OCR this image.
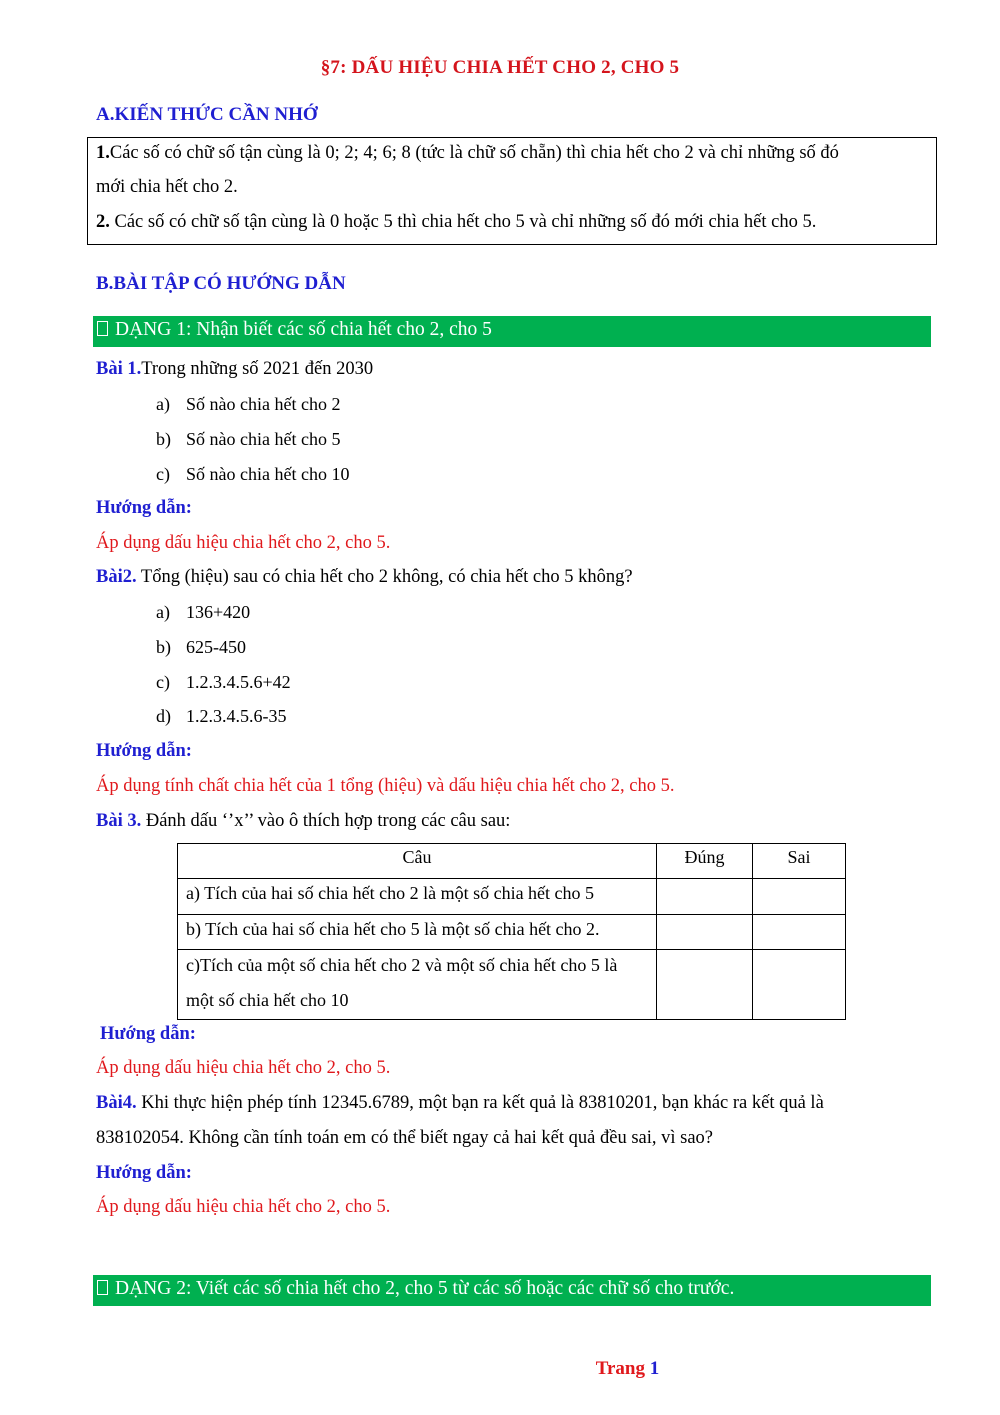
§7: DẤU HIỆU CHIA HẾT CHO 2, CHO 5
A.KIẾN THỨC CẦN NHỚ
1.Các số có chữ số tận cùng là 0; 2; 4; 6; 8 (tức là chữ số chẵn) thì chia hết cho 2 và chỉ những số đó
mới chia hết cho 2.
2. Các số có chữ số tận cùng là 0 hoặc 5 thì chia hết cho 5 và chỉ những số đó mới chia hết cho 5.
B.BÀI TẬP CÓ HƯỚNG DẪN
DẠNG 1: Nhận biết các số chia hết cho 2, cho 5
Bài 1.Trong những số 2021 đến 2030
a) Số nào chia hết cho 2
b) Số nào chia hết cho 5
c) Số nào chia hết cho 10
Hướng dẫn:
Áp dụng dấu hiệu chia hết cho 2, cho 5.
Bài2. Tổng (hiệu) sau có chia hết cho 2 không, có chia hết cho 5 không?
a) 136+420
b) 625-450
c) 1.2.3.4.5.6+42
d) 1.2.3.4.5.6-35
Hướng dẫn:
Áp dụng tính chất chia hết của 1 tổng (hiệu) và dấu hiệu chia hết cho 2, cho 5.
Bài 3. Đánh dấu ‘’x’’ vào ô thích hợp trong các câu sau:
Câu	Đúng	Sai
a) Tích của hai số chia hết cho 2 là một số chia hết cho 5		
b) Tích của hai số chia hết cho 5 là một số chia hết cho 2.		

c)Tích của một số chia hết cho 2 và một số chia hết cho 5 là
một số chia hết cho 10		

Hướng dẫn:
Áp dụng dấu hiệu chia hết cho 2, cho 5.
Bài4. Khi thực hiện phép tính 12345.6789, một bạn ra kết quả là 83810201, bạn khác ra kết quả là
838102054. Không cần tính toán em có thể biết ngay cả hai kết quả đều sai, vì sao?
Hướng dẫn:
Áp dụng dấu hiệu chia hết cho 2, cho 5.
DẠNG 2: Viết các số chia hết cho 2, cho 5 từ các số hoặc các chữ số cho trước.
Trang 1
